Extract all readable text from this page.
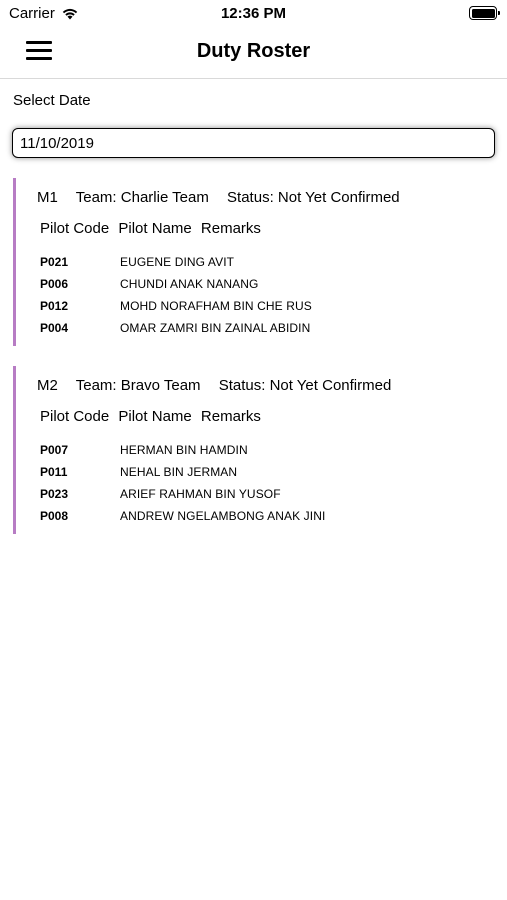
Carrier	12:36 PM
Duty Roster
Select Date
11/10/2019
M1 Team: Charlie Team Status: Not Yet Confirmed
Pilot Code Pilot Name Remarks
P021	EUGENE DING AVIT
P006	CHUNDI ANAK NANANG
P012	MOHD NORAFHAM BIN CHE RUS
P004	OMAR ZAMRI BIN ZAINAL ABIDIN
M2 Team: Bravo Team Status: Not Yet Confirmed
Pilot Code Pilot Name Remarks
P007	HERMAN BIN HAMDIN
P011	NEHAL BIN JERMAN
P023	ARIEF RAHMAN BIN YUSOF
P008	ANDREW NGELAMBONG ANAK JINI
